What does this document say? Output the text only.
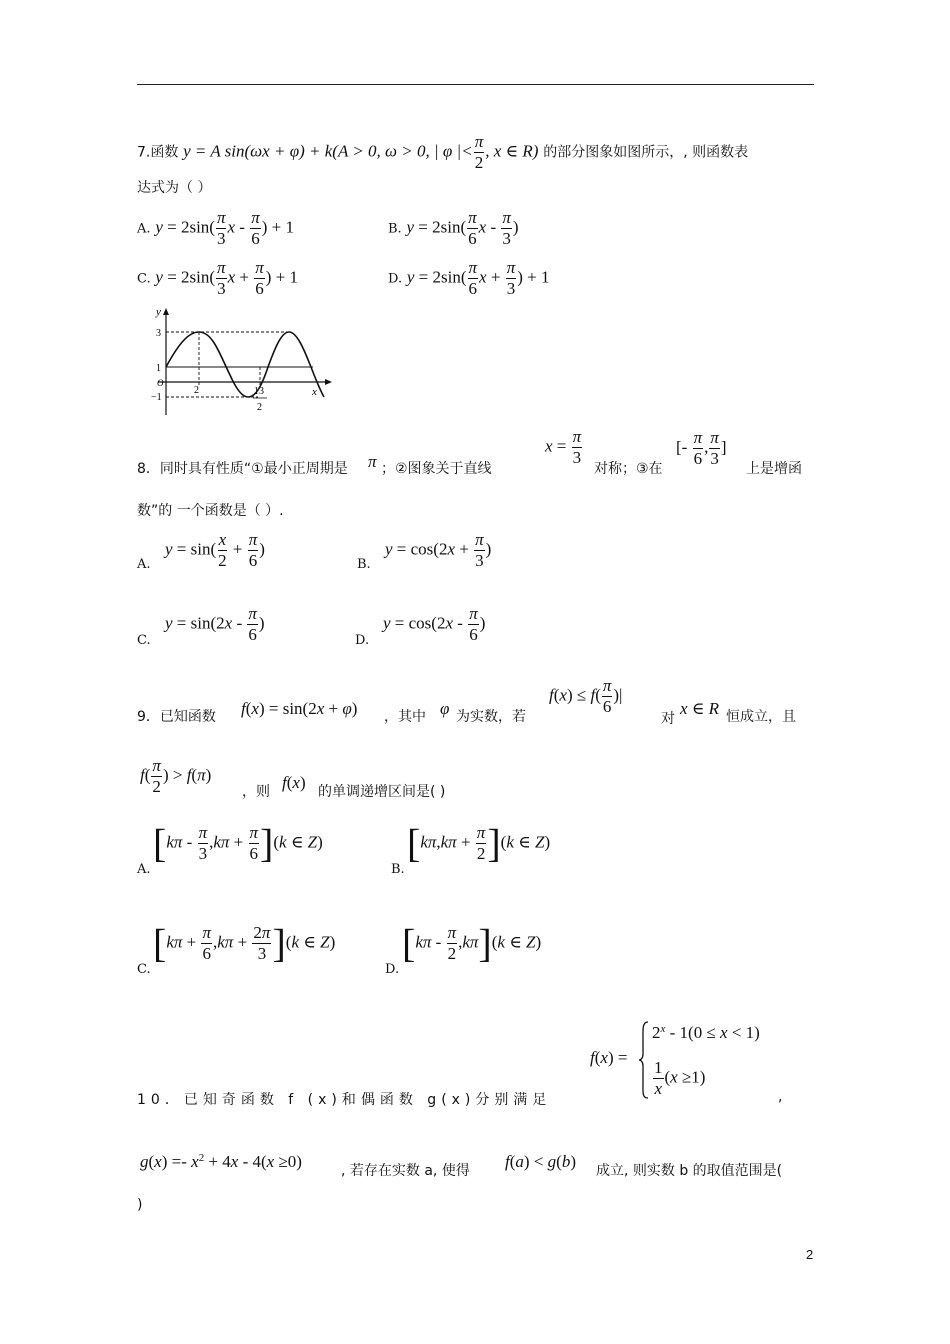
7.函数 y = A sin(ωx + φ) + k(A > 0, ω > 0, | φ |< $\frac{\pi}{2}$ , x ∈ R) 的部分图象如图所示，, 则函数表
达式为（ ）
A. $y = 2\sin( \frac{\pi}{3}$ x - $\frac{\pi}{6}$ ) + 1	B. $y = 2\sin( \frac{\pi}{6}$ x - $\frac{\pi}{3}$ )
C. $y = 2\sin( \frac{\pi}{3}$ $x + \frac{\pi}{6}$ ) + 1	D. $y = 2\sin( \frac{\pi}{6}$ $x + \frac{\pi}{3}$ ) + 1
y
x
3
1
O
−1
2	13
2
8．同时具有性质“①最小正周期是 π ；②图象关于直线
$x = \frac{\pi}{3}$
对称；③在
[- $\frac{\pi}{6}$ , $\frac{\pi}{3}$ ]
上是增函
数”的 一个函数是（ ）.
A.
$y = \sin( \frac{x}{2} + \frac{\pi}{6}$ )
B.
$y = \cos(2x + \frac{\pi}{3}$ )
C.
$y = \sin(2x - \frac{\pi}{6}$ )
D.
$y = \cos(2x - \frac{\pi}{6}$ )
9．已知函数 f(x) = sin(2x + φ) ，其中 φ 为实数，若
$f(x) \le f( \frac{\pi}{6}$ )|
对
x ∈ R 恒成立，且
$f( \frac{\pi}{2}$ ) > f(π)
，则 f(x) 的单调递增区间是( )
A.
$[k\pi - \frac{\pi}{3} ,k\pi + \frac{\pi}{6} ](k$ ∈ Z)
B.
$[k\pi,k\pi + \frac{\pi}{2} ](k$ ∈ Z)
C.
$[k\pi + \frac{\pi}{6} ,k\pi + \frac{2\pi}{3} ](k$ ∈ Z)
D.
$[k\pi - \frac{\pi}{2} ,k\pi](k$ ∈ Z)
f(x) =
$2^x - 1(0 \le x < 1)$
$\frac{1}{x} (x \ge 1)$
10．已知奇函数 f (x)和偶函数 g(x)分别满足	,
$g(x) =- x^2 + 4x - 4(x \ge 0)$	, 若存在实数 a, 使得 f(a) < g(b) 成立, 则实数 b 的取值范围是(
)
2
